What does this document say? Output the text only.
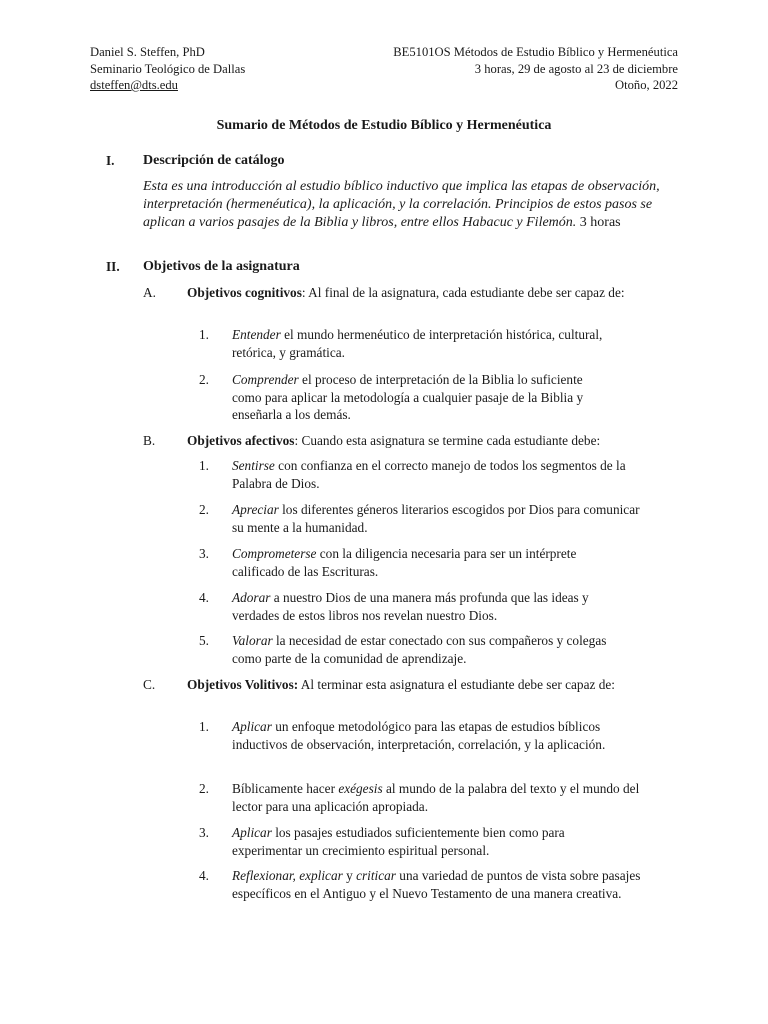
Daniel S. Steffen, PhD
Seminario Teológico de Dallas
dsteffen@dts.edu
BE5101OS Métodos de Estudio Bíblico y Hermenéutica
3 horas, 29 de agosto al 23 de diciembre
Otoño, 2022
Sumario de Métodos de Estudio Bíblico y Hermenéutica
I. Descripción de catálogo
Esta es una introducción al estudio bíblico inductivo que implica las etapas de observación, interpretación (hermenéutica), la aplicación, y la correlación. Principios de estos pasos se aplican a varios pasajes de la Biblia y libros, entre ellos Habacuc y Filemón. 3 horas
II. Objetivos de la asignatura
A. Objetivos cognitivos: Al final de la asignatura, cada estudiante debe ser capaz de:
1. Entender el mundo hermenéutico de interpretación histórica, cultural, retórica, y gramática.
2. Comprender el proceso de interpretación de la Biblia lo suficiente como para aplicar la metodología a cualquier pasaje de la Biblia y enseñarla a los demás.
B. Objetivos afectivos: Cuando esta asignatura se termine cada estudiante debe:
1. Sentirse con confianza en el correcto manejo de todos los segmentos de la Palabra de Dios.
2. Apreciar los diferentes géneros literarios escogidos por Dios para comunicar su mente a la humanidad.
3. Comprometerse con la diligencia necesaria para ser un intérprete calificado de las Escrituras.
4. Adorar a nuestro Dios de una manera más profunda que las ideas y verdades de estos libros nos revelan nuestro Dios.
5. Valorar la necesidad de estar conectado con sus compañeros y colegas como parte de la comunidad de aprendizaje.
C. Objetivos Volitivos: Al terminar esta asignatura el estudiante debe ser capaz de:
1. Aplicar un enfoque metodológico para las etapas de estudios bíblicos inductivos de observación, interpretación, correlación, y la aplicación.
2. Bíblicamente hacer exégesis al mundo de la palabra del texto y el mundo del lector para una aplicación apropiada.
3. Aplicar los pasajes estudiados suficientemente bien como para experimentar un crecimiento espiritual personal.
4. Reflexionar, explicar y criticar una variedad de puntos de vista sobre pasajes específicos en el Antiguo y el Nuevo Testamento de una manera creativa.
